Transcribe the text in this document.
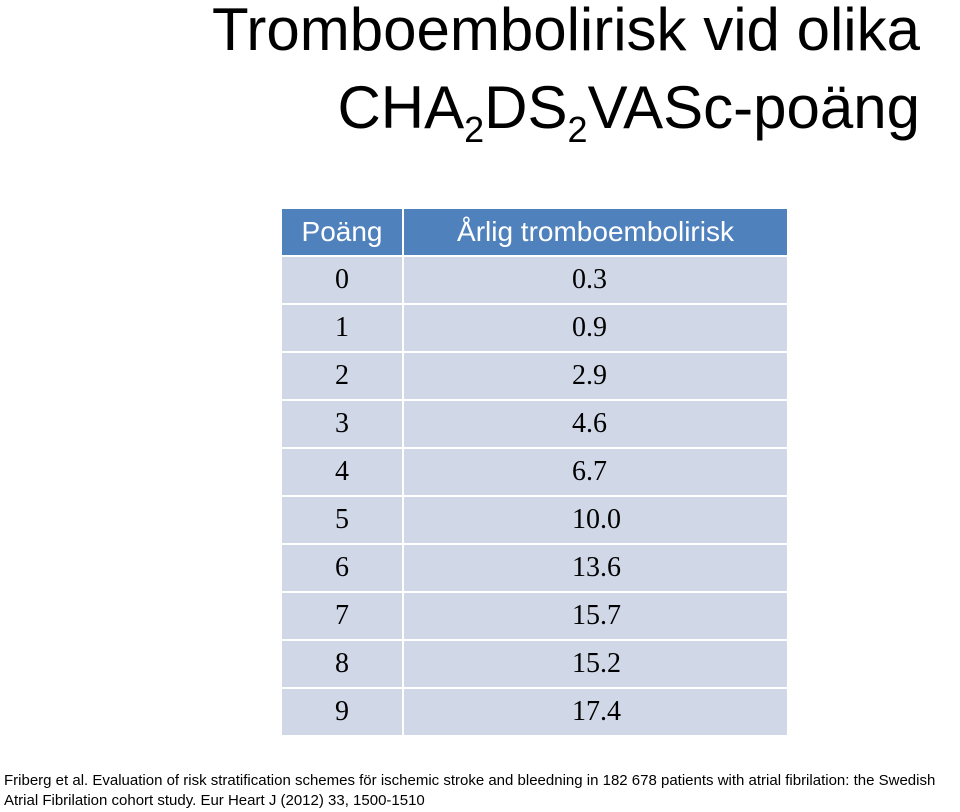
Tromboembolirisk vid olika
$CHA_2DS_2VASc$-poäng
Poäng	Årlig tromboembolirisk
0	0.3
1	0.9
2	2.9
3	4.6
4	6.7
5	10.0
6	13.6
7	15.7
8	15.2
9	17.4
Friberg et al. Evaluation of risk stratification schemes för ischemic stroke and bleedning in 182 678 patients with atrial fibrilation: the Swedish
Atrial Fibrilation cohort study. Eur Heart J (2012) 33, 1500-1510
